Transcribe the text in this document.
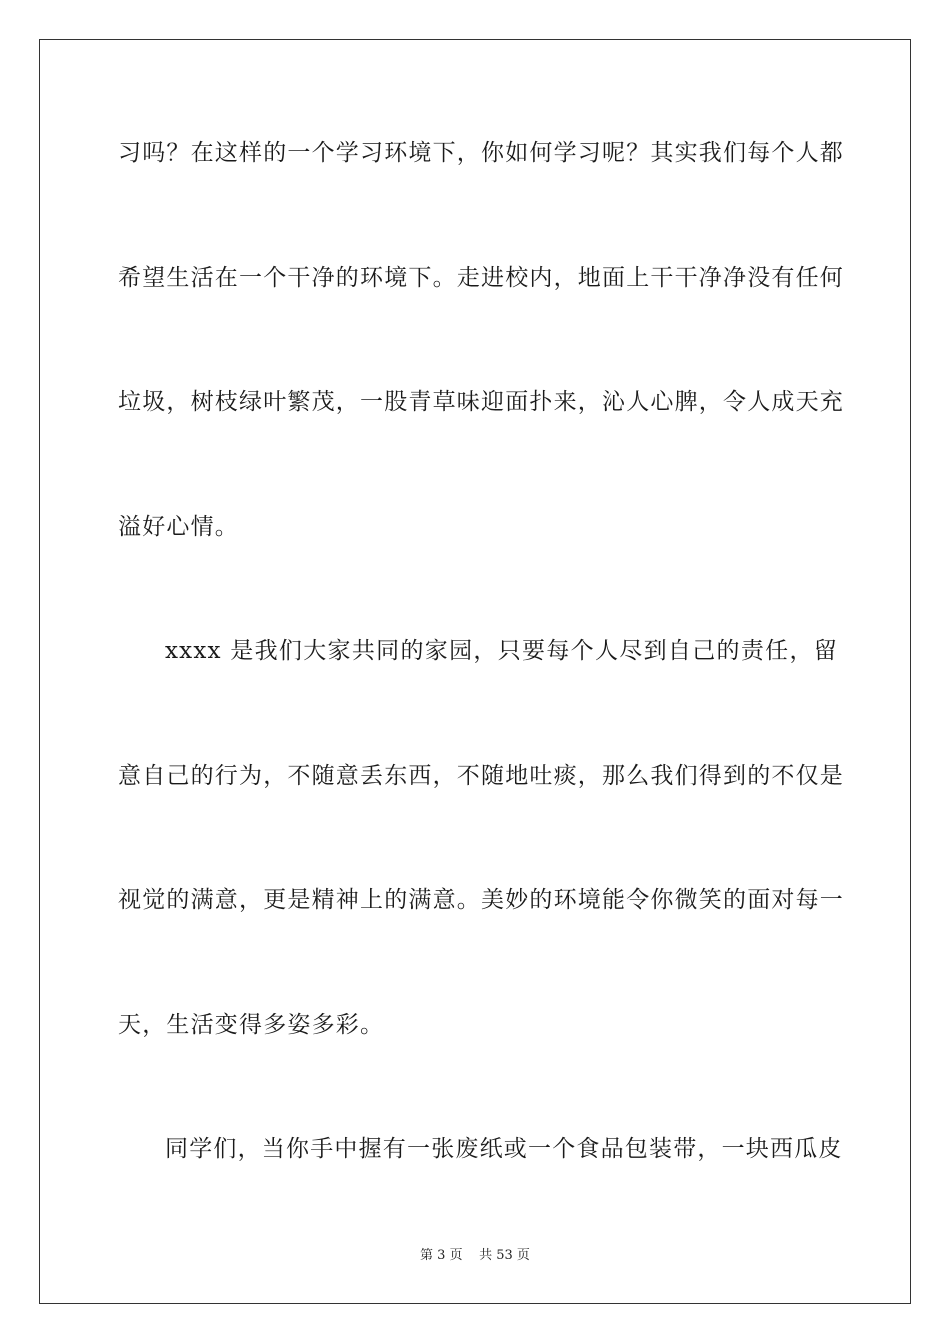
习吗？在这样的一个学习环境下，你如何学习呢？其实我们每个人都
希望生活在一个干净的环境下。走进校内，地面上干干净净没有任何
垃圾，树枝绿叶繁茂，一股青草味迎面扑来，沁人心脾，令人成天充
溢好心情。
xxxx 是我们大家共同的家园，只要每个人尽到自己的责任，留
意自己的行为，不随意丢东西，不随地吐痰，那么我们得到的不仅是
视觉的满意，更是精神上的满意。美妙的环境能令你微笑的面对每一
天，生活变得多姿多彩。
同学们，当你手中握有一张废纸或一个食品包装带，一块西瓜皮
第 3 页 共 53 页
